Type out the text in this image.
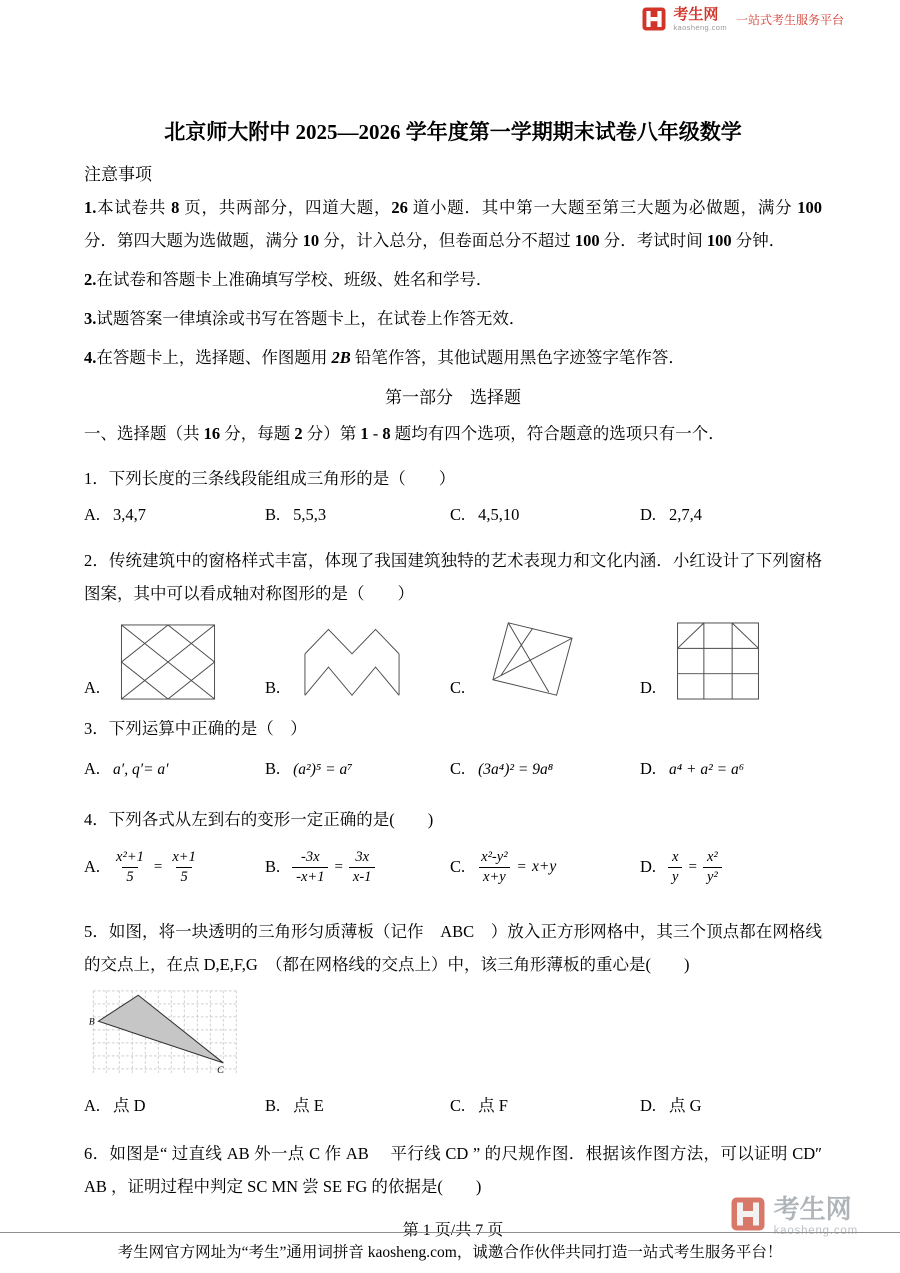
考生网
kaosheng.com
一站式考生服务平台
北京师大附中 2025—2026 学年度第一学期期末试卷八年级数学

注意事项

1.本试卷共 8 页，共两部分，四道大题，26 道小题．其中第一大题至第三大题为必做题，满分 100 分．第四大题为选做题，满分 10 分，计入总分，但卷面总分不超过 100 分．考试时间 100 分钟．

2.在试卷和答题卡上准确填写学校、班级、姓名和学号．

3.试题答案一律填涂或书写在答题卡上，在试卷上作答无效．

4.在答题卡上，选择题、作图题用 2B 铅笔作答，其他试题用黑色字迹签字笔作答．

第一部分　选择题

一、选择题（共 16 分，每题 2 分）第 1 - 8 题均有四个选项，符合题意的选项只有一个．

1．下列长度的三条线段能组成三角形的是（　　）

A. 3,4,7	B. 5,5,3	C. 4,5,10	D. 2,7,4

2．传统建筑中的窗格样式丰富，体现了我国建筑独特的艺术表现力和文化内涵．小红设计了下列窗格图案，其中可以看成轴对称图形的是（　　）

A.	B.	C.	D.

3．下列运算中正确的是（　）

A. a′, q′= a′	B. (a²)⁵ = a⁷	C. (3a⁴)² = 9a⁸	D. a⁴ + a² = a⁶

4．下列各式从左到右的变形一定正确的是(　　)

A. $\frac{\text{x²+1}}{5} = \frac{x+1}{5}$	B. $\frac{-3x}{-x+1} = \frac{3x}{x-1}$	C. $\frac{\text{x²-y²}}{x+y} = x+y$	D. $\frac{x}{y} = \frac{\text{x²}}{\text{y²}}$

5．如图，将一块透明的三角形匀质薄板（记作　ABC　）放入正方形网格中，其三个顶点都在网格线的交点上，在点 D,E,F,G　（都在网格线的交点上）中，该三角形薄板的重心是(　　)

B
C
A. 点 D	B. 点 E	C. 点 F	D. 点 G

6．如图是“ 过直线 AB 外一点 C 作 AB　 平行线 CD ” 的尺规作图．根据该作图方法，可以证明 CD″ AB ，证明过程中判定 SC MN 尝 SE FG 的依据是(　　)

第 1 页/共 7 页

考生网
kaosheng.com
考生网官方网址为“考生”通用词拼音 kaosheng.com，诚邀合作伙伴共同打造一站式考生服务平台！
